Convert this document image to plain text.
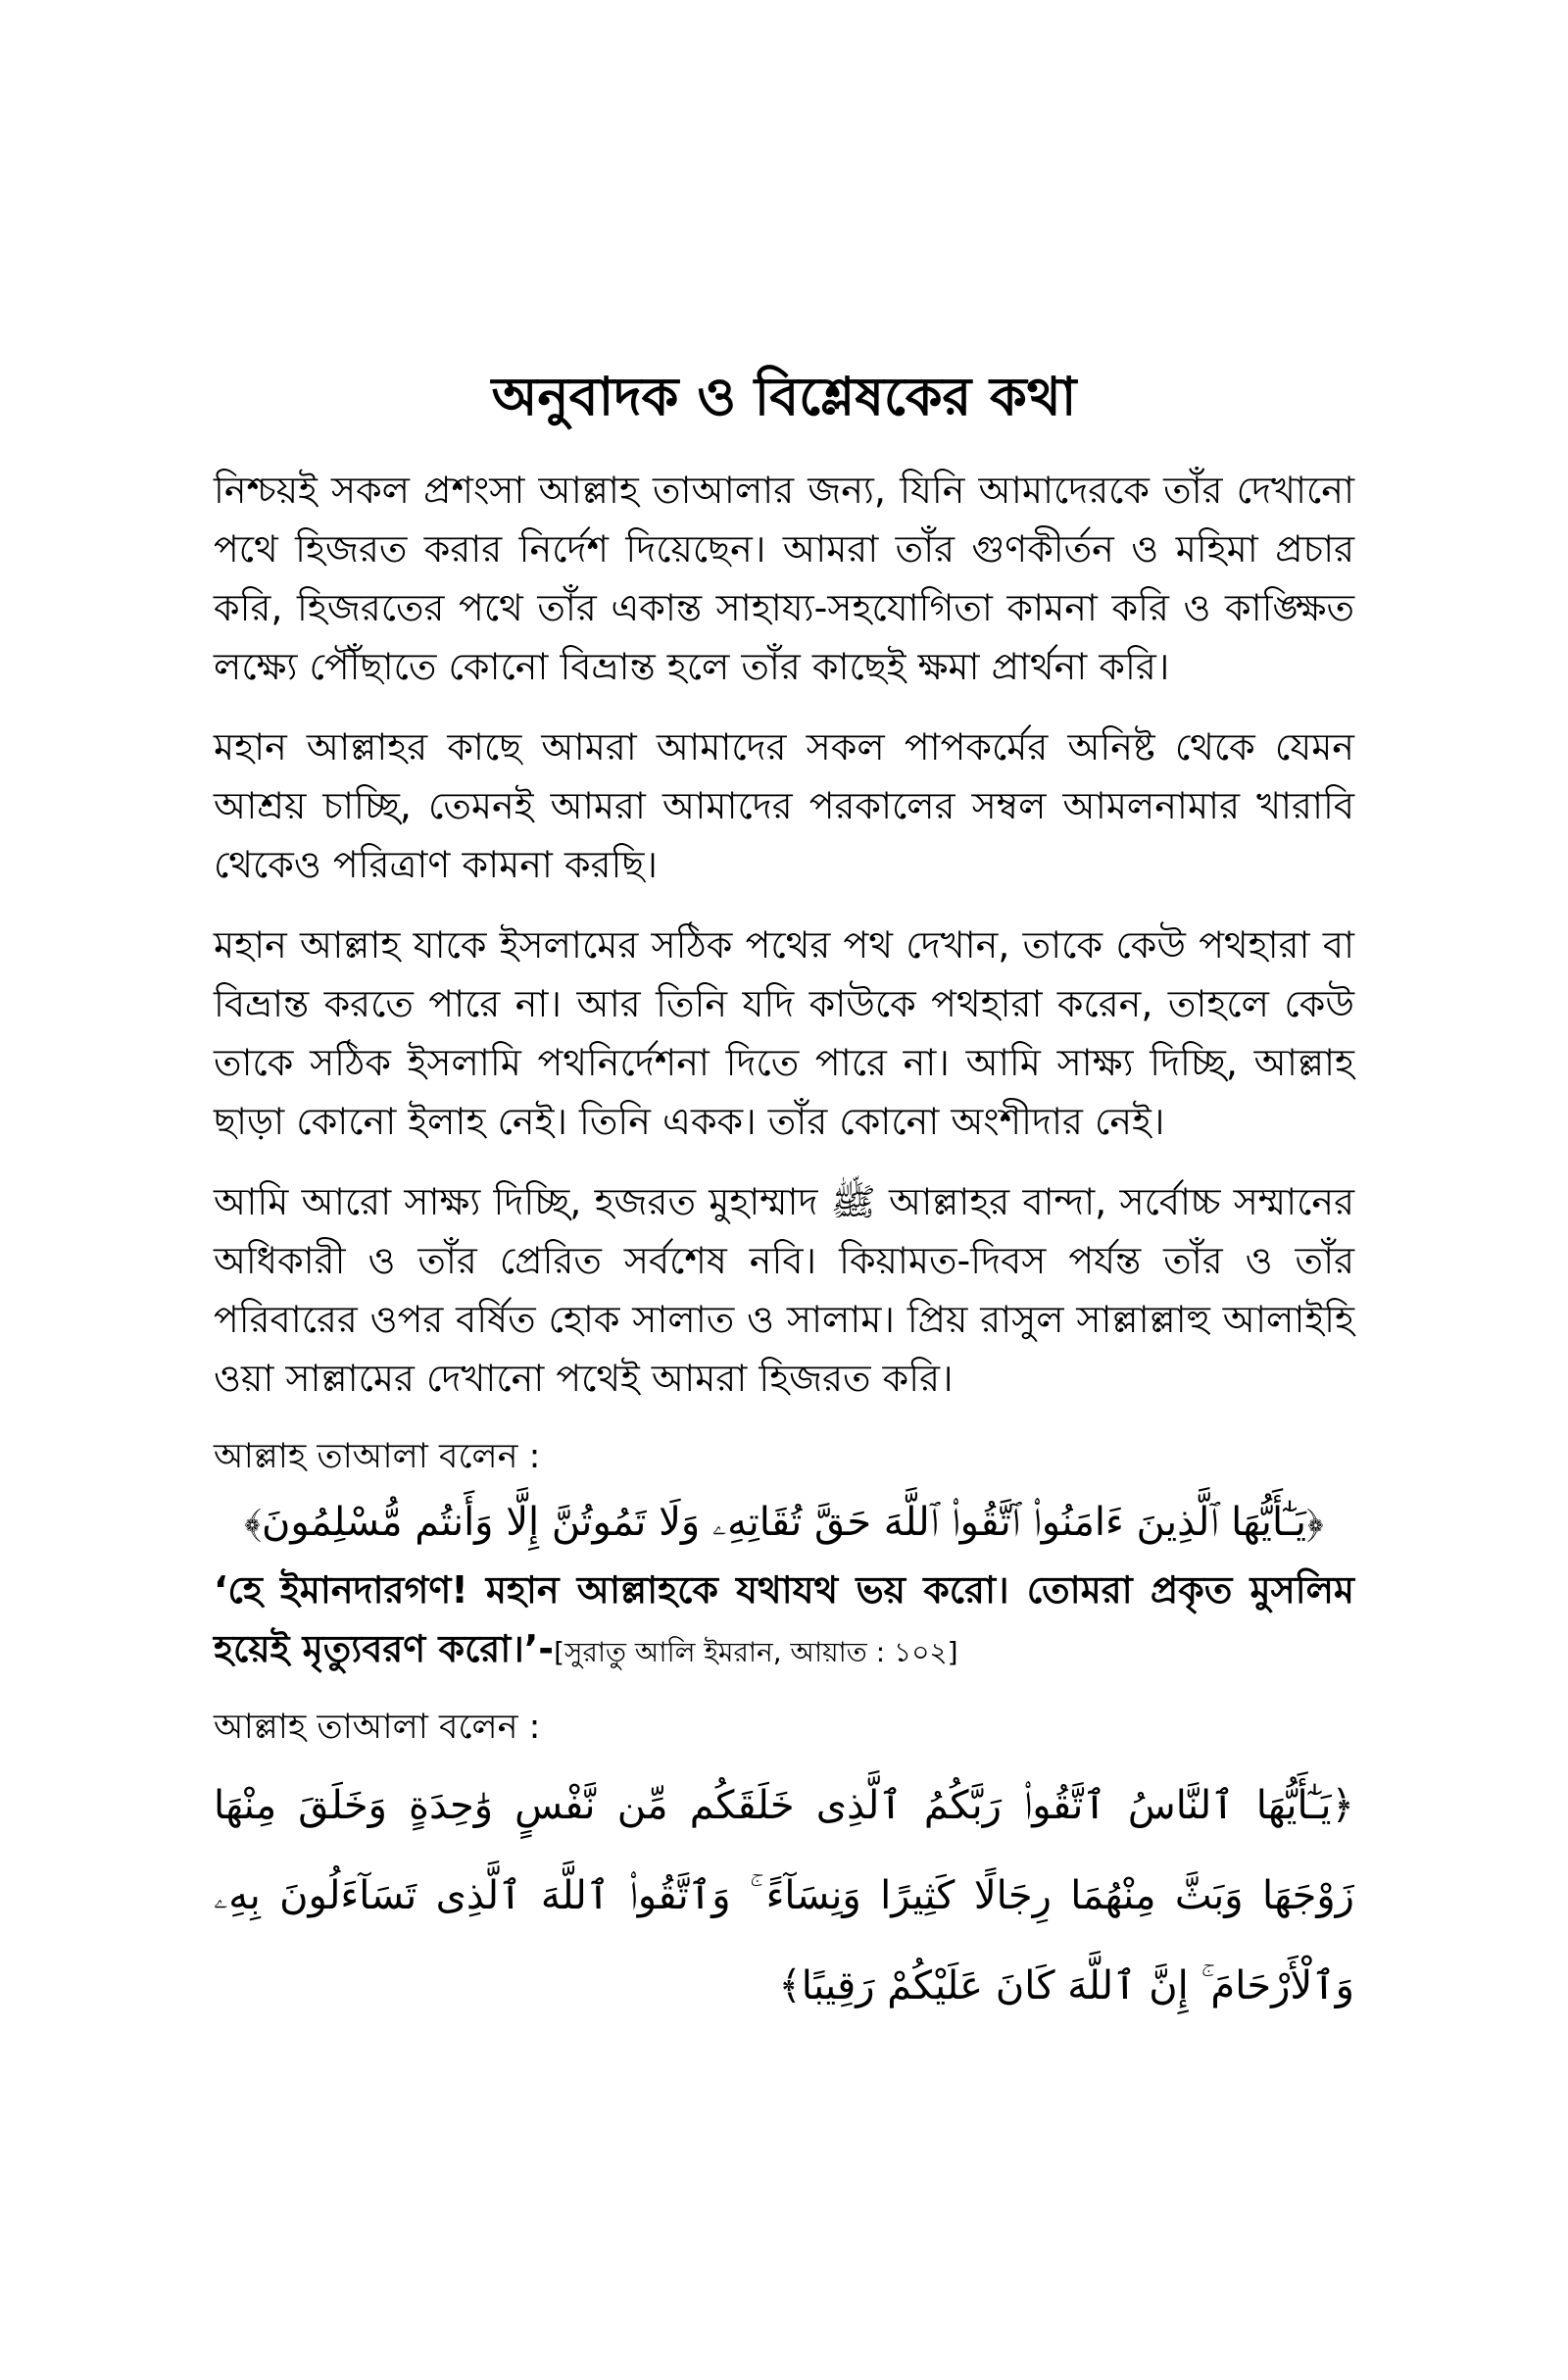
অনুবাদক ও বিশ্লেষকের কথা

নিশ্চয়ই সকল প্রশংসা আল্লাহ তাআলার জন্য, যিনি আমাদেরকে তাঁর দেখানো পথে হিজরত করার নির্দেশ দিয়েছেন। আমরা তাঁর গুণকীর্তন ও মহিমা প্রচার করি, হিজরতের পথে তাঁর একান্ত সাহায্য-সহযোগিতা কামনা করি ও কাঙ্ক্ষিত লক্ষ্যে পৌঁছাতে কোনো বিভ্রান্ত হলে তাঁর কাছেই ক্ষমা প্রার্থনা করি।

মহান আল্লাহর কাছে আমরা আমাদের সকল পাপকর্মের অনিষ্ট থেকে যেমন আশ্রয় চাচ্ছি, তেমনই আমরা আমাদের পরকালের সম্বল আমলনামার খারাবি থেকেও পরিত্রাণ কামনা করছি।

মহান আল্লাহ যাকে ইসলামের সঠিক পথের পথ দেখান, তাকে কেউ পথহারা বা বিভ্রান্ত করতে পারে না। আর তিনি যদি কাউকে পথহারা করেন, তাহলে কেউ তাকে সঠিক ইসলামি পথনির্দেশনা দিতে পারে না। আমি সাক্ষ্য দিচ্ছি, আল্লাহ ছাড়া কোনো ইলাহ নেই। তিনি একক। তাঁর কোনো অংশীদার নেই।

আমি আরো সাক্ষ্য দিচ্ছি, হজরত মুহাম্মাদ ﷺ আল্লাহর বান্দা, সর্বোচ্চ সম্মানের অধিকারী ও তাঁর প্রেরিত সর্বশেষ নবি। কিয়ামত-দিবস পর্যন্ত তাঁর ও তাঁর পরিবারের ওপর বর্ষিত হোক সালাত ও সালাম। প্রিয় রাসুল সাল্লাল্লাহু আলাইহি ওয়া সাল্লামের দেখানো পথেই আমরা হিজরত করি।

আল্লাহ তাআলা বলেন :
﴿يَـٰٓأَيُّهَا ٱلَّذِينَ ءَامَنُوا۟ ٱتَّقُوا۟ ٱللَّهَ حَقَّ تُقَاتِهِۦ وَلَا تَمُوتُنَّ إِلَّا وَأَنتُم مُّسْلِمُونَ﴾

‘হে ইমানদারগণ! মহান আল্লাহকে যথাযথ ভয় করো। তোমরা প্রকৃত মুসলিম হয়েই মৃত্যুবরণ করো।’-[সুরাতু আলি ইমরান, আয়াত : ১০২]

আল্লাহ তাআলা বলেন :
﴿يَـٰٓأَيُّهَا ٱلنَّاسُ ٱتَّقُوا۟ رَبَّكُمُ ٱلَّذِى خَلَقَكُم مِّن نَّفْسٍ وَٰحِدَةٍ وَخَلَقَ مِنْهَا زَوْجَهَا وَبَثَّ مِنْهُمَا رِجَالًا كَثِيرًا وَنِسَآءً ۚ وَٱتَّقُوا۟ ٱللَّهَ ٱلَّذِى تَسَآءَلُونَ بِهِۦ وَٱلْأَرْحَامَ ۚ إِنَّ ٱللَّهَ كَانَ عَلَيْكُمْ رَقِيبًا﴾
